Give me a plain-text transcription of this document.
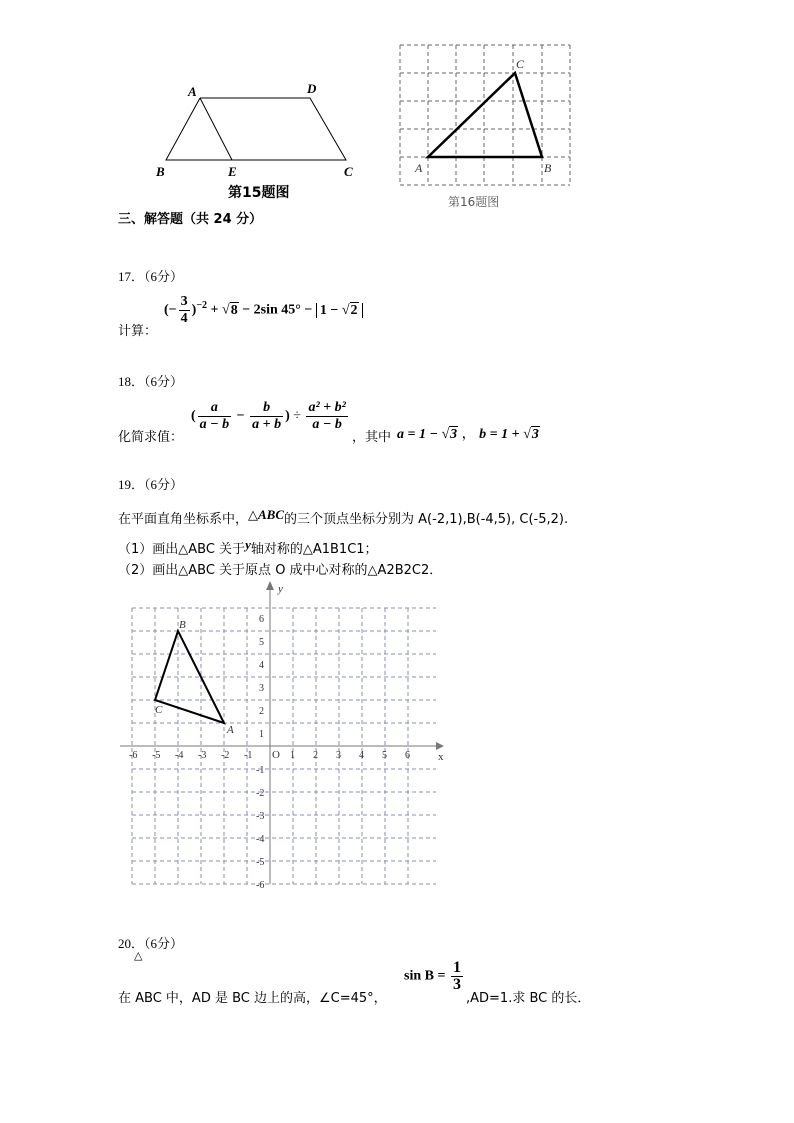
A	D
B	E	C
第15题图
A	B
C
第16题图
三、解答题（共 24 分）
17．（6分）
计算：
(− $\frac{3}{4} )^{-2} + √8 - 2\sin$ 45° − 1 − √2
18．（6分）
化简求值：
( $\frac{a}{a - b} - \frac{b}{a + b}$ ) ÷ $\frac{\text{a² + b²}}{a - b}$
，其中 a = 1 − √3 ， b = 1 + √3
19．（6分）
在平面直角坐标系中，△ABC的三个顶点坐标分别为 A(-2,1),B(-4,5), C(-5,2).
（1）画出△ABC 关于y轴对称的△A1B1C1；
（2）画出△ABC 关于原点 O 成中心对称的△A2B2C2．
x
y
O
-6 -5 -4 -3 -2 -1	1 2 3 4 5 6
6
5
4
3
2
1
-1
-2
-3
-4
-5
-6
A
B
C
20．（6分）
△
在 ABC 中，AD 是 BC 边上的高，∠C=45°，
$\sin B = \frac{1}{3}$
,AD=1.求 BC 的长．
